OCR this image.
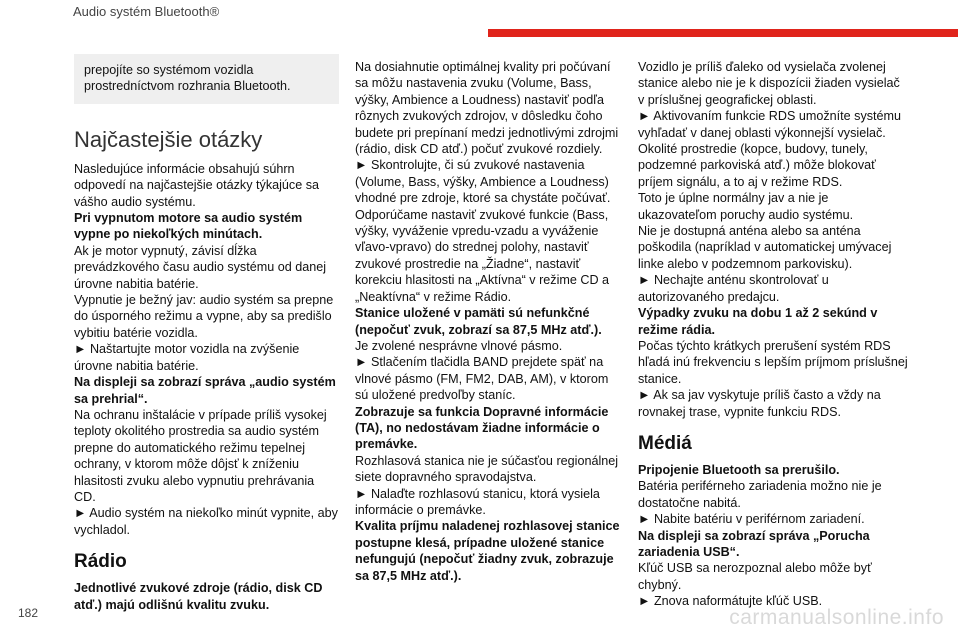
Audio systém Bluetooth®

prepojíte so systémom vozidla prostredníctvom rozhrania Bluetooth.

Najčastejšie otázky

Nasledujúce informácie obsahujú súhrn odpovedí na najčastejšie otázky týkajúce sa vášho audio systému.

Pri vypnutom motore sa audio systém vypne po niekoľkých minútach.

Ak je motor vypnutý, závisí dĺžka prevádzkového času audio systému od danej úrovne nabitia batérie.

Vypnutie je bežný jav: audio systém sa prepne do úsporného režimu a vypne, aby sa predišlo vybitiu batérie vozidla.

► Naštartujte motor vozidla na zvýšenie úrovne nabitia batérie.

Na displeji sa zobrazí správa „audio systém sa prehrial“.

Na ochranu inštalácie v prípade príliš vysokej teploty okolitého prostredia sa audio systém prepne do automatického režimu tepelnej ochrany, v ktorom môže dôjsť k zníženiu hlasitosti zvuku alebo vypnutiu prehrávania CD.

► Audio systém na niekoľko minút vypnite, aby vychladol.

Rádio

Jednotlivé zvukové zdroje (rádio, disk CD atď.) majú odlišnú kvalitu zvuku.

Na dosiahnutie optimálnej kvality pri počúvaní sa môžu nastavenia zvuku (Volume, Bass, výšky, Ambience a Loudness) nastaviť podľa rôznych zvukových zdrojov, v dôsledku čoho budete pri prepínaní medzi jednotlivými zdrojmi (rádio, disk CD atď.) počuť zvukové rozdiely.

► Skontrolujte, či sú zvukové nastavenia (Volume, Bass, výšky, Ambience a Loudness) vhodné pre zdroje, ktoré sa chystáte počúvať. Odporúčame nastaviť zvukové funkcie (Bass, výšky, vyváženie vpredu-vzadu a vyváženie vľavo-vpravo) do strednej polohy, nastaviť zvukové prostredie na „Žiadne“, nastaviť korekciu hlasitosti na „Aktívna“ v režime CD a „Neaktívna“ v režime Rádio.

Stanice uložené v pamäti sú nefunkčné (nepočuť zvuk, zobrazí sa 87,5 MHz atď.).

Je zvolené nesprávne vlnové pásmo.

► Stlačením tlačidla BAND prejdete späť na vlnové pásmo (FM, FM2, DAB, AM), v ktorom sú uložené predvoľby staníc.

Zobrazuje sa funkcia Dopravné informácie (TA), no nedostávam žiadne informácie o premávke.

Rozhlasová stanica nie je súčasťou regionálnej siete dopravného spravodajstva.

► Nalaďte rozhlasovú stanicu, ktorá vysiela informácie o premávke.

Kvalita príjmu naladenej rozhlasovej stanice postupne klesá, prípadne uložené stanice nefungujú (nepočuť žiadny zvuk, zobrazuje sa 87,5 MHz atď.).

Vozidlo je príliš ďaleko od vysielača zvolenej stanice alebo nie je k dispozícii žiaden vysielač v príslušnej geografickej oblasti.

► Aktivovaním funkcie RDS umožníte systému vyhľadať v danej oblasti výkonnejší vysielač.

Okolité prostredie (kopce, budovy, tunely, podzemné parkoviská atď.) môže blokovať príjem signálu, a to aj v režime RDS.

Toto je úplne normálny jav a nie je ukazovateľom poruchy audio systému.

Nie je dostupná anténa alebo sa anténa poškodila (napríklad v automatickej umývacej linke alebo v podzemnom parkovisku).

► Nechajte anténu skontrolovať u autorizovaného predajcu.

Výpadky zvuku na dobu 1 až 2 sekúnd v režime rádia.

Počas týchto krátkych prerušení systém RDS hľadá inú frekvenciu s lepším príjmom príslušnej stanice.

► Ak sa jav vyskytuje príliš často a vždy na rovnakej trase, vypnite funkciu RDS.

Médiá

Pripojenie Bluetooth sa prerušilo.

Batéria periférneho zariadenia možno nie je dostatočne nabitá.

► Nabite batériu v periférnom zariadení.

Na displeji sa zobrazí správa „Porucha zariadenia USB“.

Kľúč USB sa nerozpoznal alebo môže byť chybný.

► Znova naformátujte kľúč USB.

182	carmanualsonline.info
